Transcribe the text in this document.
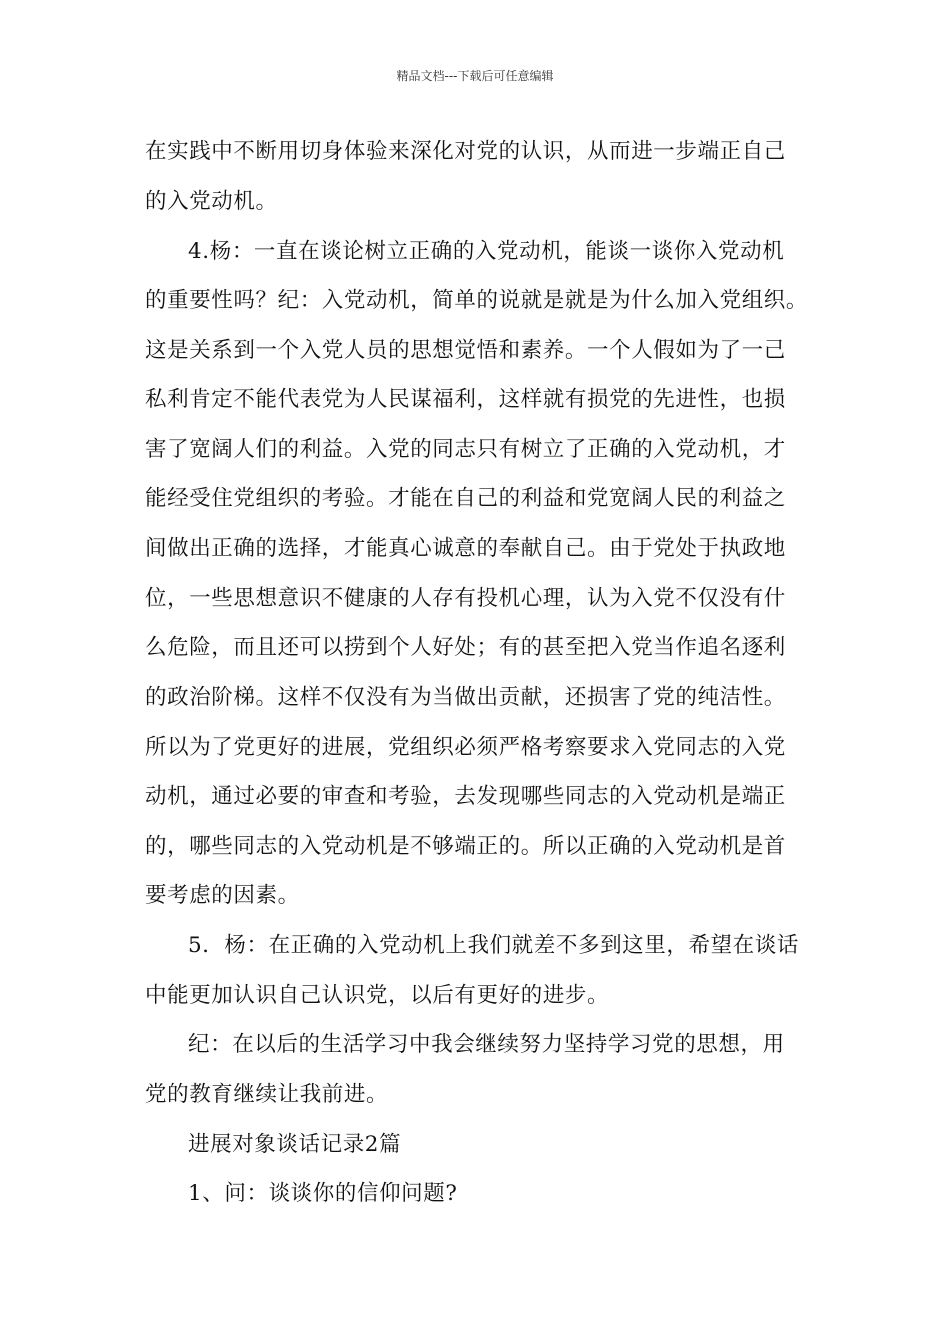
精品文档---下载后可任意编辑
在实践中不断用切身体验来深化对党的认识，从而进一步端正自己
的入党动机。
4.杨：一直在谈论树立正确的入党动机，能谈一谈你入党动机
的重要性吗？纪：入党动机，简单的说就是就是为什么加入党组织。
这是关系到一个入党人员的思想觉悟和素养。一个人假如为了一己
私利肯定不能代表党为人民谋福利，这样就有损党的先进性，也损
害了宽阔人们的利益。入党的同志只有树立了正确的入党动机，才
能经受住党组织的考验。才能在自己的利益和党宽阔人民的利益之
间做出正确的选择，才能真心诚意的奉献自己。由于党处于执政地
位，一些思想意识不健康的人存有投机心理，认为入党不仅没有什
么危险，而且还可以捞到个人好处；有的甚至把入党当作追名逐利
的政治阶梯。这样不仅没有为当做出贡献，还损害了党的纯洁性。
所以为了党更好的进展，党组织必须严格考察要求入党同志的入党
动机，通过必要的审查和考验，去发现哪些同志的入党动机是端正
的，哪些同志的入党动机是不够端正的。所以正确的入党动机是首
要考虑的因素。
5．杨：在正确的入党动机上我们就差不多到这里，希望在谈话
中能更加认识自己认识党，以后有更好的进步。
纪：在以后的生活学习中我会继续努力坚持学习党的思想，用
党的教育继续让我前进。
进展对象谈话记录2篇
1、问：谈谈你的信仰问题?
